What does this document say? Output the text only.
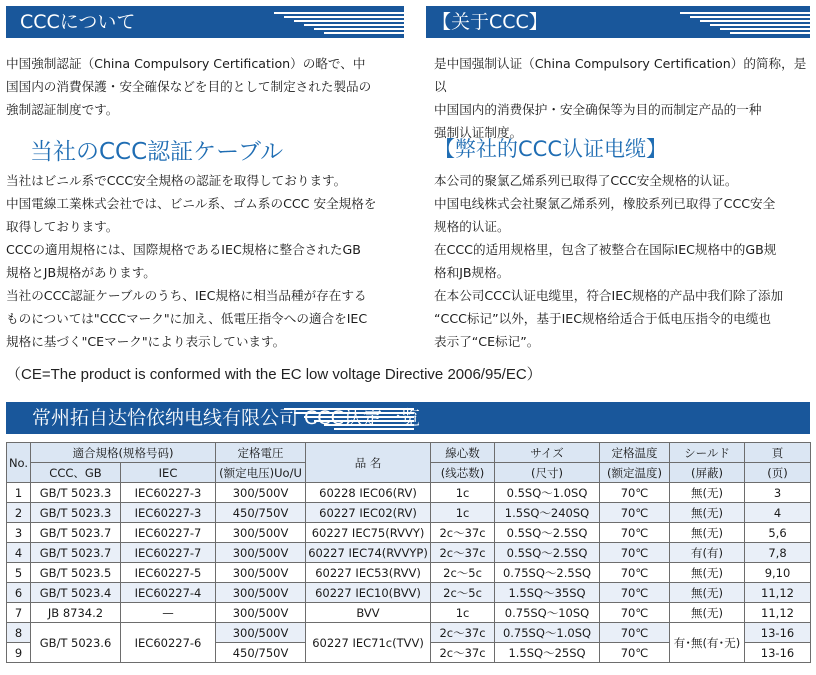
CCCについて	【关于CCC】
中国強制認証（China Compulsory Certification）の略で、中
国国内の消費保護・安全確保などを目的として制定された製品の
強制認証制度です。
是中国强制认证（China Compulsory Certification）的简称，是以
中国国内的消费保护・安全确保等为目的而制定产品的一种
强制认证制度。
当社のCCC認証ケーブル	【弊社的CCC认证电缆】
当社はビニル系でCCC安全規格の認証を取得しております。
中国電線工業株式会社では、ビニル系、ゴム系のCCC 安全規格を
取得しております。
CCCの適用規格には、国際規格であるIEC規格に整合されたGB
規格とJB規格があります。
当社のCCC認証ケーブルのうち、IEC規格に相当品種が存在する
ものについては"CCCマーク"に加え、低電圧指令への適合をIEC
規格に基づく"CEマーク"により表示しています。
本公司的聚氯乙烯系列已取得了CCC安全规格的认证。
中国电线株式会社聚氯乙烯系列，橡胶系列已取得了CCC安全
规格的认证。
在CCC的适用规格里，包含了被整合在国际IEC规格中的GB规
格和JB规格。
在本公司CCC认证电缆里，符合IEC规格的产品中我们除了添加
“CCC标记”以外，基于IEC规格给适合于低电压指令的电缆也
表示了“CE标记”。
（CE=The product is conformed with the EC low voltage Directive 2006/95/EC）
常州拓自达恰依纳电线有限公司 CCC认定一览
No.	適合規格(规格号码)		定格電圧	品 名	線心数	サイズ	定格温度	シールド	頁
	CCC、GB	IEC	(额定电压)Uo/U		(线芯数)	(尺寸)	(额定温度)	(屏蔽)	(页)
1	GB/T 5023.3	IEC60227-3	300/500V	60228 IEC06(RV)	1c	0.5SQ～1.0SQ	70℃	無(无)	3
2	GB/T 5023.3	IEC60227-3	450/750V	60227 IEC02(RV)	1c	1.5SQ～240SQ	70℃	無(无)	4
3	GB/T 5023.7	IEC60227-7	300/500V	60227 IEC75(RVVY)	2c～37c	0.5SQ～2.5SQ	70℃	無(无)	5,6
4	GB/T 5023.7	IEC60227-7	300/500V	60227 IEC74(RVVYP)	2c～37c	0.5SQ～2.5SQ	70℃	有(有)	7,8
5	GB/T 5023.5	IEC60227-5	300/500V	60227 IEC53(RVV)	2c～5c	0.75SQ～2.5SQ	70℃	無(无)	9,10
6	GB/T 5023.4	IEC60227-4	300/500V	60227 IEC10(BVV)	2c～5c	1.5SQ～35SQ	70℃	無(无)	11,12
7	JB 8734.2	—	300/500V	BVV	1c	0.75SQ～10SQ	70℃	無(无)	11,12
8	GB/T 5023.6	IEC60227-6	300/500V	60227 IEC71c(TVV)	2c～37c	0.75SQ～1.0SQ	70℃	有･無(有･无)	13-16
9			450/750V		2c～37c	1.5SQ～25SQ	70℃		13-16
